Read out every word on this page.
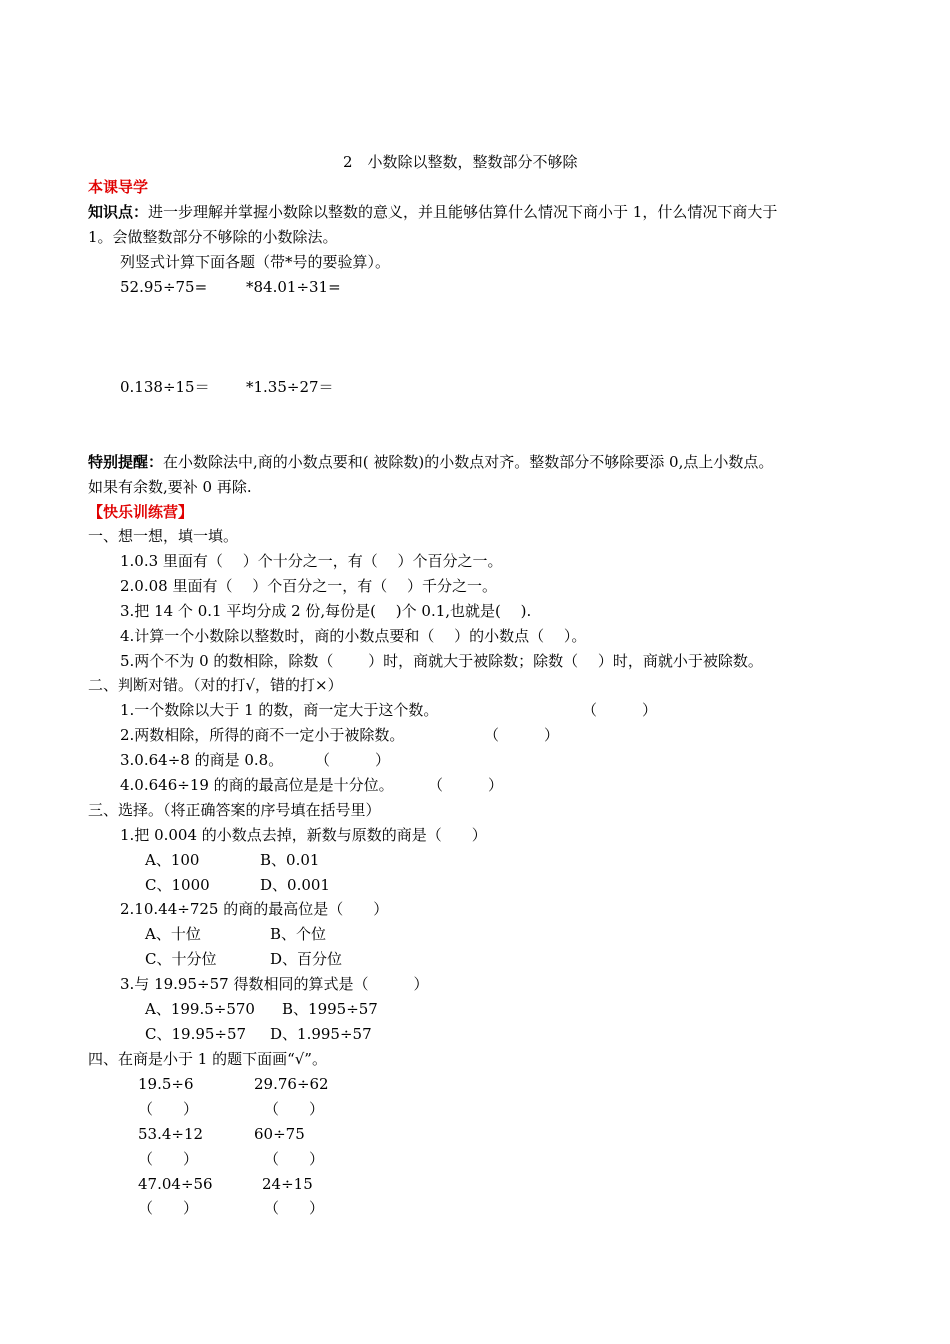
2　小数除以整数，整数部分不够除
本课导学
知识点：进一步理解并掌握小数除以整数的意义，并且能够估算什么情况下商小于 1，什么情况下商大于
1。会做整数部分不够除的小数除法。
列竖式计算下面各题（带*号的要验算）。
52.95÷75=	*84.01÷31=
0.138÷15＝ *1.35÷27＝
特别提醒：在小数除法中,商的小数点要和( 被除数)的小数点对齐。整数部分不够除要添 0,点上小数点。
如果有余数,要补 0 再除.
【快乐训练营】
一、想一想，填一填。
1.0.3 里面有（　 ）个十分之一，有（　 ）个百分之一。
2.0.08 里面有（　 ）个百分之一，有（　 ）千分之一。
3.把 14 个 0.1 平均分成 2 份,每份是(　 )个 0.1,也就是(　 ).
4.计算一个小数除以整数时，商的小数点要和（　 ）的小数点（　 ）。
5.两个不为 0 的数相除，除数（　　 ）时，商就大于被除数；除数（　 ）时，商就小于被除数。
二、判断对错。（对的打√，错的打×）
1.一个数除以大于 1 的数，商一定大于这个数。	（　　　）
2.两数相除，所得的商不一定小于被除数。	（　　　）
3.0.64÷8 的商是 0.8。 （　　　）
4.0.646÷19 的商的最高位是是十分位。 （　　　）
三、选择。（将正确答案的序号填在括号里）
1.把 0.004 的小数点去掉，新数与原数的商是（　　）
A、100	B、0.01
C、1000	D、0.001
2.10.44÷725 的商的最高位是（　　）
A、十位	B、个位
C、十分位	D、百分位
3.与 19.95÷57 得数相同的算式是（　　　）
A、199.5÷570 B、1995÷57
C、19.95÷57 D、1.995÷57
四、在商是小于 1 的题下面画“√”。
19.5÷6	29.76÷62
（　　）	（　　）
53.4÷12	60÷75
（　　）	（　　）
47.04÷56	24÷15
（　　）	（　　）
